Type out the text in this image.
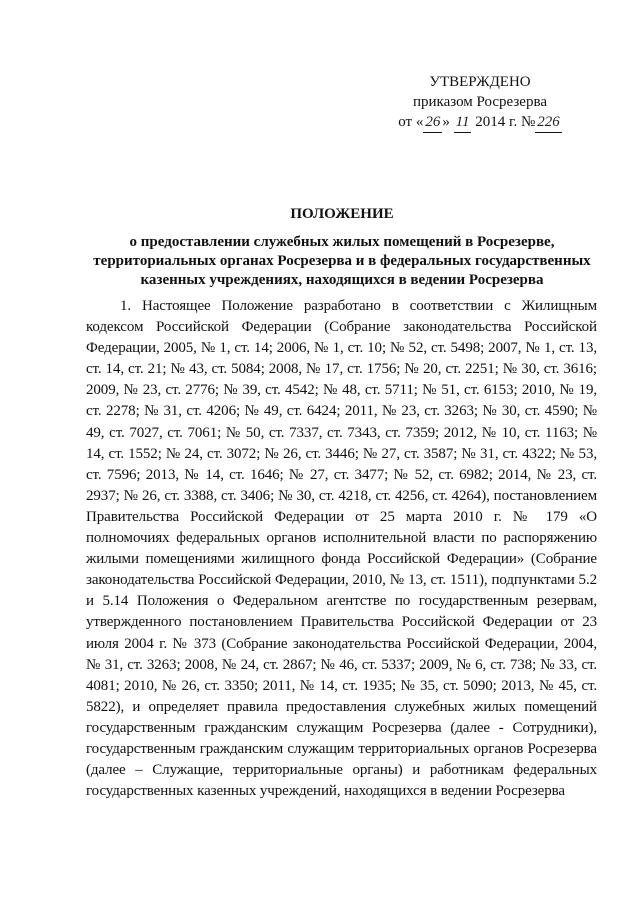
УТВЕРЖДЕНО
приказом Росрезерва
от « 26 » 11 2014 г. № 226
ПОЛОЖЕНИЕ
о предоставлении служебных жилых помещений в Росрезерве,
территориальных органах Росрезерва и в федеральных государственных
казенных учреждениях, находящихся в ведении Росрезерва

1. Настоящее Положение разработано в соответствии с Жилищным кодексом Российской Федерации (Собрание законодательства Российской Федерации, 2005, № 1, ст. 14; 2006, № 1, ст. 10; № 52, ст. 5498; 2007, № 1, ст. 13, ст. 14, ст. 21; № 43, ст. 5084; 2008, № 17, ст. 1756; № 20, ст. 2251; № 30, ст. 3616; 2009, № 23, ст. 2776; № 39, ст. 4542; № 48, ст. 5711; № 51, ст. 6153; 2010, № 19, ст. 2278; № 31, ст. 4206; № 49, ст. 6424; 2011, № 23, ст. 3263; № 30, ст. 4590; № 49, ст. 7027, ст. 7061; № 50, ст. 7337, ст. 7343, ст. 7359; 2012, № 10, ст. 1163; № 14, ст. 1552; № 24, ст. 3072; № 26, ст. 3446; № 27, ст. 3587; № 31, ст. 4322; № 53, ст. 7596; 2013, № 14, ст. 1646; № 27, ст. 3477; № 52, ст. 6982; 2014, № 23, ст. 2937; № 26, ст. 3388, ст. 3406; № 30, ст. 4218, ст. 4256, ст. 4264), постановлением Правительства Российской Федерации от 25 марта 2010 г. № 179 «О полномочиях федеральных органов исполнительной власти по распоряжению жилыми помещениями жилищного фонда Российской Федерации» (Собрание законодательства Российской Федерации, 2010, № 13, ст. 1511), подпунктами 5.2 и 5.14 Положения о Федеральном агентстве по государственным резервам, утвержденного постановлением Правительства Российской Федерации от 23 июля 2004 г. № 373 (Собрание законодательства Российской Федерации, 2004, № 31, ст. 3263; 2008, № 24, ст. 2867; № 46, ст. 5337; 2009, № 6, ст. 738; № 33, ст. 4081; 2010, № 26, ст. 3350; 2011, № 14, ст. 1935; № 35, ст. 5090; 2013, № 45, ст. 5822), и определяет правила предоставления служебных жилых помещений государственным гражданским служащим Росрезерва (далее - Сотрудники), государственным гражданским служащим территориальных органов Росрезерва (далее – Служащие, территориальные органы) и работникам федеральных государственных казенных учреждений, находящихся в ведении Росрезерва
